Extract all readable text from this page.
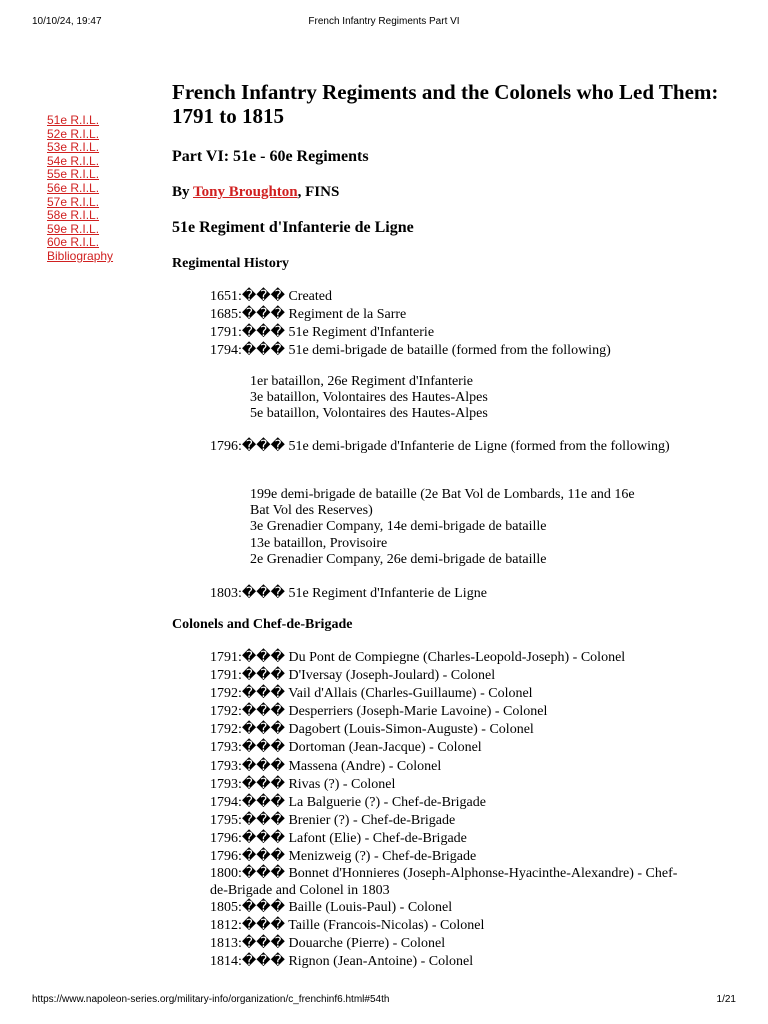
10/10/24, 19:47	French Infantry Regiments Part VI
51e R.I.L.
52e R.I.L.
53e R.I.L.
54e R.I.L.
55e R.I.L.
56e R.I.L.
57e R.I.L.
58e R.I.L.
59e R.I.L.
60e R.I.L.
Bibliography
French Infantry Regiments and the Colonels who Led Them: 1791 to 1815
Part VI: 51e - 60e Regiments
By Tony Broughton, FINS
51e Regiment d'Infanterie de Ligne
Regimental History
1651:��� Created
1685:��� Regiment de la Sarre
1791:��� 51e Regiment d'Infanterie
1794:��� 51e demi-brigade de bataille (formed from the following)
1er bataillon, 26e Regiment d'Infanterie
3e bataillon, Volontaires des Hautes-Alpes
5e bataillon, Volontaires des Hautes-Alpes
1796:��� 51e demi-brigade d'Infanterie de Ligne (formed from the following)
199e demi-brigade de bataille (2e Bat Vol de Lombards, 11e and 16e Bat Vol des Reserves)
3e Grenadier Company, 14e demi-brigade de bataille
13e bataillon, Provisoire
2e Grenadier Company, 26e demi-brigade de bataille
1803:��� 51e Regiment d'Infanterie de Ligne
Colonels and Chef-de-Brigade
1791:��� Du Pont de Compiegne (Charles-Leopold-Joseph) - Colonel
1791:��� D'Iversay (Joseph-Joulard) - Colonel
1792:��� Vail d'Allais (Charles-Guillaume) - Colonel
1792:��� Desperriers (Joseph-Marie Lavoine) - Colonel
1792:��� Dagobert (Louis-Simon-Auguste) - Colonel
1793:��� Dortoman (Jean-Jacque) - Colonel
1793:��� Massena (Andre) - Colonel
1793:��� Rivas (?) - Colonel
1794:��� La Balguerie (?) - Chef-de-Brigade
1795:��� Brenier (?) - Chef-de-Brigade
1796:��� Lafont (Elie) - Chef-de-Brigade
1796:��� Menizweig (?) - Chef-de-Brigade
1800:��� Bonnet d'Honnieres (Joseph-Alphonse-Hyacinthe-Alexandre) - Chef-de-Brigade and Colonel in 1803
1805:��� Baille (Louis-Paul) - Colonel
1812:��� Taille (Francois-Nicolas) - Colonel
1813:��� Douarche (Pierre) - Colonel
1814:��� Rignon (Jean-Antoine) - Colonel
https://www.napoleon-series.org/military-info/organization/c_frenchinf6.html#54th	1/21
